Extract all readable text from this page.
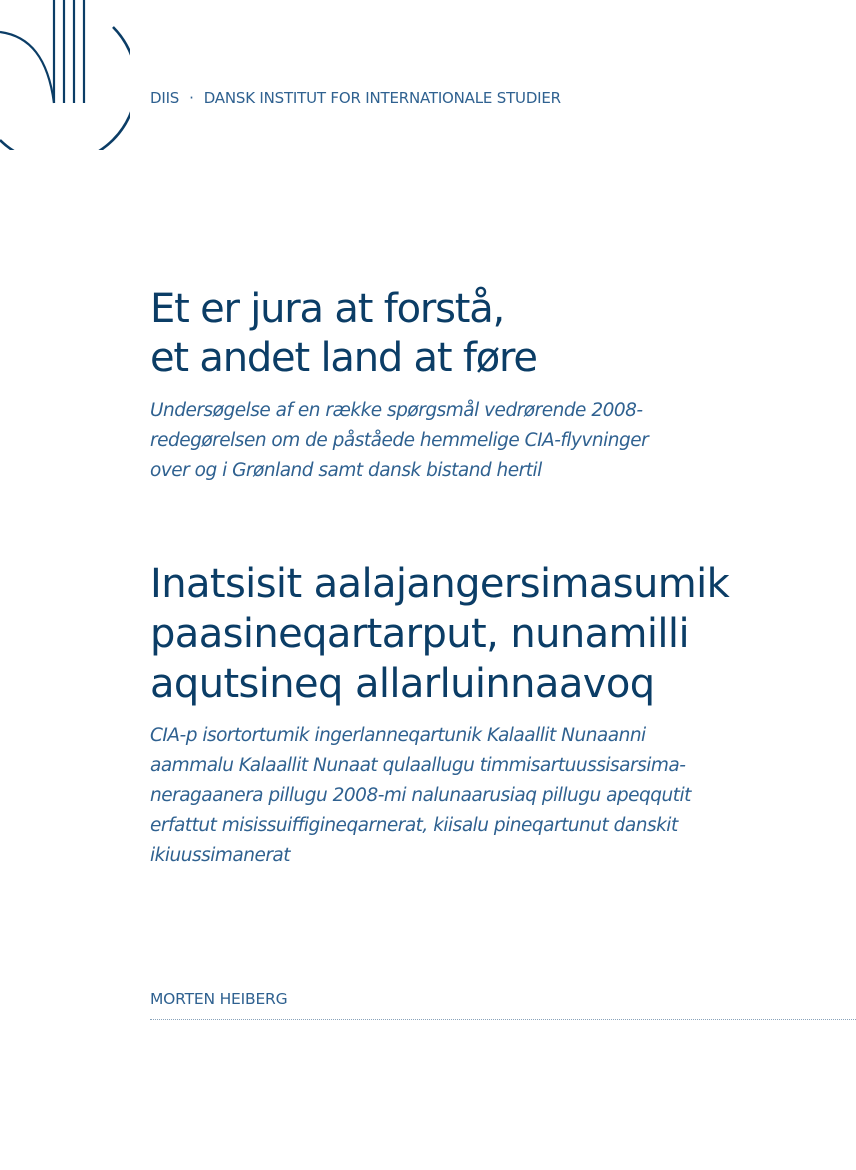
DIIS · DANSK INSTITUT FOR INTERNATIONALE STUDIER
Et er jura at forstå,
et andet land at føre

Undersøgelse af en række spørgsmål vedrørende 2008-
redegørelsen om de påståede hemmelige CIA-flyvninger
over og i Grønland samt dansk bistand hertil

Inatsisit aalajangersimasumik
paasineqartarput, nunamilli
aqutsineq allarluinnaavoq

CIA-p isortortumik ingerlanneqartunik Kalaallit Nunaanni
aammalu Kalaallit Nunaat qulaallugu timmisartuussisarsima-
neragaanera pillugu 2008-mi nalunaarusiaq pillugu apeqqutit
erfattut misissuiffigineqarnerat, kiisalu pineqartunut danskit
ikiuussimanerat

MORTEN HEIBERG
